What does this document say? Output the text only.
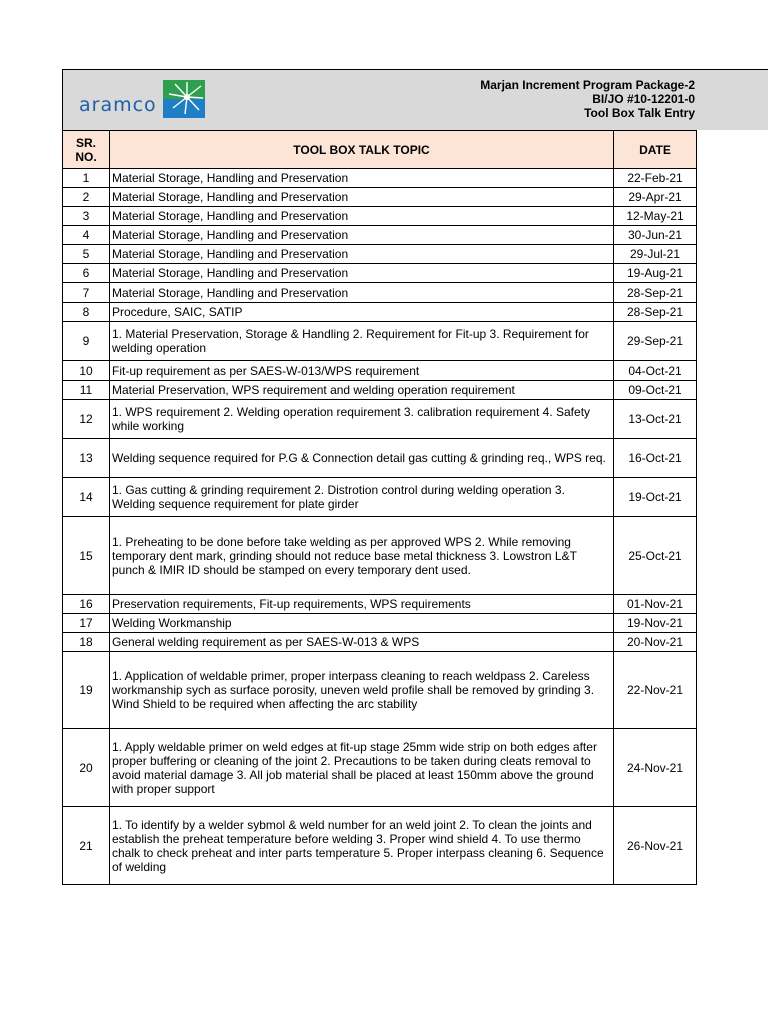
aramco
Marjan Increment Program Package-2
BI/JO #10-12201-0
Tool Box Talk Entry
SR. NO.	TOOL BOX TALK TOPIC	DATE
1	Material Storage, Handling and Preservation	22-Feb-21
2	Material Storage, Handling and Preservation	29-Apr-21
3	Material Storage, Handling and Preservation	12-May-21
4	Material Storage, Handling and Preservation	30-Jun-21
5	Material Storage, Handling and Preservation	29-Jul-21
6	Material Storage, Handling and Preservation	19-Aug-21
7	Material Storage, Handling and Preservation	28-Sep-21
8	Procedure, SAIC, SATIP	28-Sep-21
9	1. Material Preservation, Storage & Handling 2. Requirement for Fit-up 3. Requirement for welding operation	29-Sep-21
10	Fit-up requirement as per SAES-W-013/WPS requirement	04-Oct-21
11	Material Preservation, WPS requirement and welding operation requirement	09-Oct-21
12	1. WPS requirement 2. Welding operation requirement 3. calibration requirement 4. Safety while working	13-Oct-21
13	Welding sequence required for P.G & Connection detail gas cutting & grinding req., WPS req.	16-Oct-21
14	1. Gas cutting & grinding requirement 2. Distrotion control during welding operation 3. Welding sequence requirement for plate girder	19-Oct-21
15	1. Preheating to be done before take welding as per approved WPS 2. While removing temporary dent mark, grinding should not reduce base metal thickness 3. Lowstron L&T punch & IMIR ID should be stamped on every temporary dent used.	25-Oct-21
16	Preservation requirements, Fit-up requirements, WPS requirements	01-Nov-21
17	Welding Workmanship	19-Nov-21
18	General welding requirement as per SAES-W-013 & WPS	20-Nov-21
19	1. Application of weldable primer, proper interpass cleaning to reach weldpass 2. Careless workmanship sych as surface porosity, uneven weld profile shall be removed by grinding 3. Wind Shield to be required when affecting the arc stability	22-Nov-21
20	1. Apply weldable primer on weld edges at fit-up stage 25mm wide strip on both edges after proper buffering or cleaning of the joint 2. Precautions to be taken during cleats removal to avoid material damage 3. All job material shall be placed at least 150mm above the ground with proper support	24-Nov-21
21	1. To identify by a welder sybmol & weld number for an weld joint 2. To clean the joints and establish the preheat temperature before welding 3. Proper wind shield 4. To use thermo chalk to check preheat and inter parts temperature 5. Proper interpass cleaning 6. Sequence of welding	26-Nov-21
